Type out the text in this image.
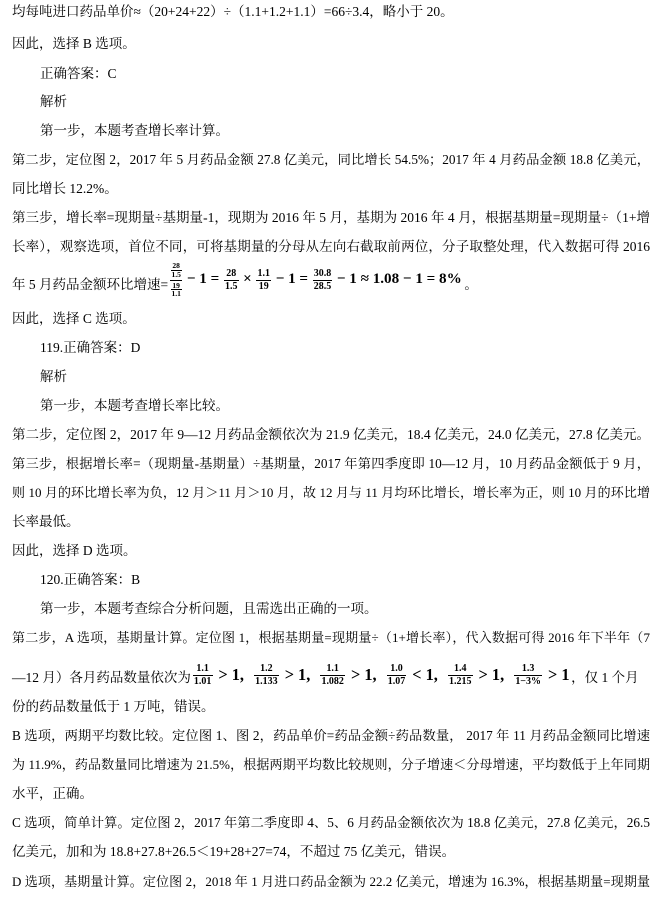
均每吨进口药品单价≈（20+24+22）÷（1.1+1.2+1.1）=66÷3.4，略小于 20。
因此，选择 B 选项。
正确答案：C
解析
第一步，本题考查增长率计算。
第二步，定位图 2，2017 年 5 月药品金额 27.8 亿美元，同比增长 54.5%；2017 年 4 月药品金额 18.8 亿美元，
同比增长 12.2%。
第三步，增长率=现期量÷基期量-1，现期为 2016 年 5 月，基期为 2016 年 4 月，根据基期量=现期量÷（1+增
长率），观察选项，首位不同，可将基期量的分母从左向右截取前两位，分子取整处理，代入数据可得 2016
年 5 月药品金额环比增速= $\frac{\frac{28}{1.5}}{\frac{19}{1.1}} - 1 = \frac{28}{1.5} \times \frac{1.1}{19} - 1 = \frac{30.8}{28.5} - 1 \approx 1.08 - 1 = 8\%$ 。
因此，选择 C 选项。
119.正确答案：D
解析
第一步，本题考查增长率比较。
第二步，定位图 2，2017 年 9—12 月药品金额依次为 21.9 亿美元，18.4 亿美元，24.0 亿美元，27.8 亿美元。
第三步，根据增长率=（现期量-基期量）÷基期量，2017 年第四季度即 10—12 月，10 月药品金额低于 9 月，
则 10 月的环比增长率为负，12 月＞11 月＞10 月，故 12 月与 11 月均环比增长，增长率为正，则 10 月的环比增
长率最低。
因此，选择 D 选项。
120.正确答案：B
第一步，本题考查综合分析问题，且需选出正确的一项。
第二步，A 选项，基期量计算。定位图 1，根据基期量=现期量÷（1+增长率），代入数据可得 2016 年下半年（7
—12 月）各月药品数量依次为 $\frac{1.1}{1.01} > 1$, $\frac{1.2}{1.133} > 1$, $\frac{1.1}{1.082} > 1$, $\frac{1.0}{1.07} < 1$, $\frac{1.4}{1.215} > 1$, $\frac{1.3}{1-3\%} > 1$ ，仅 1 个月
份的药品数量低于 1 万吨，错误。
B 选项，两期平均数比较。定位图 1、图 2，药品单价=药品金额÷药品数量， 2017 年 11 月药品金额同比增速
为 11.9%，药品数量同比增速为 21.5%，根据两期平均数比较规则，分子增速＜分母增速，平均数低于上年同期
水平，正确。
C 选项，简单计算。定位图 2，2017 年第二季度即 4、5、6 月药品金额依次为 18.8 亿美元，27.8 亿美元，26.5
亿美元，加和为 18.8+27.8+26.5＜19+28+27=74，不超过 75 亿美元，错误。
D 选项，基期量计算。定位图 2，2018 年 1 月进口药品金额为 22.2 亿美元，增速为 16.3%，根据基期量=现期量
